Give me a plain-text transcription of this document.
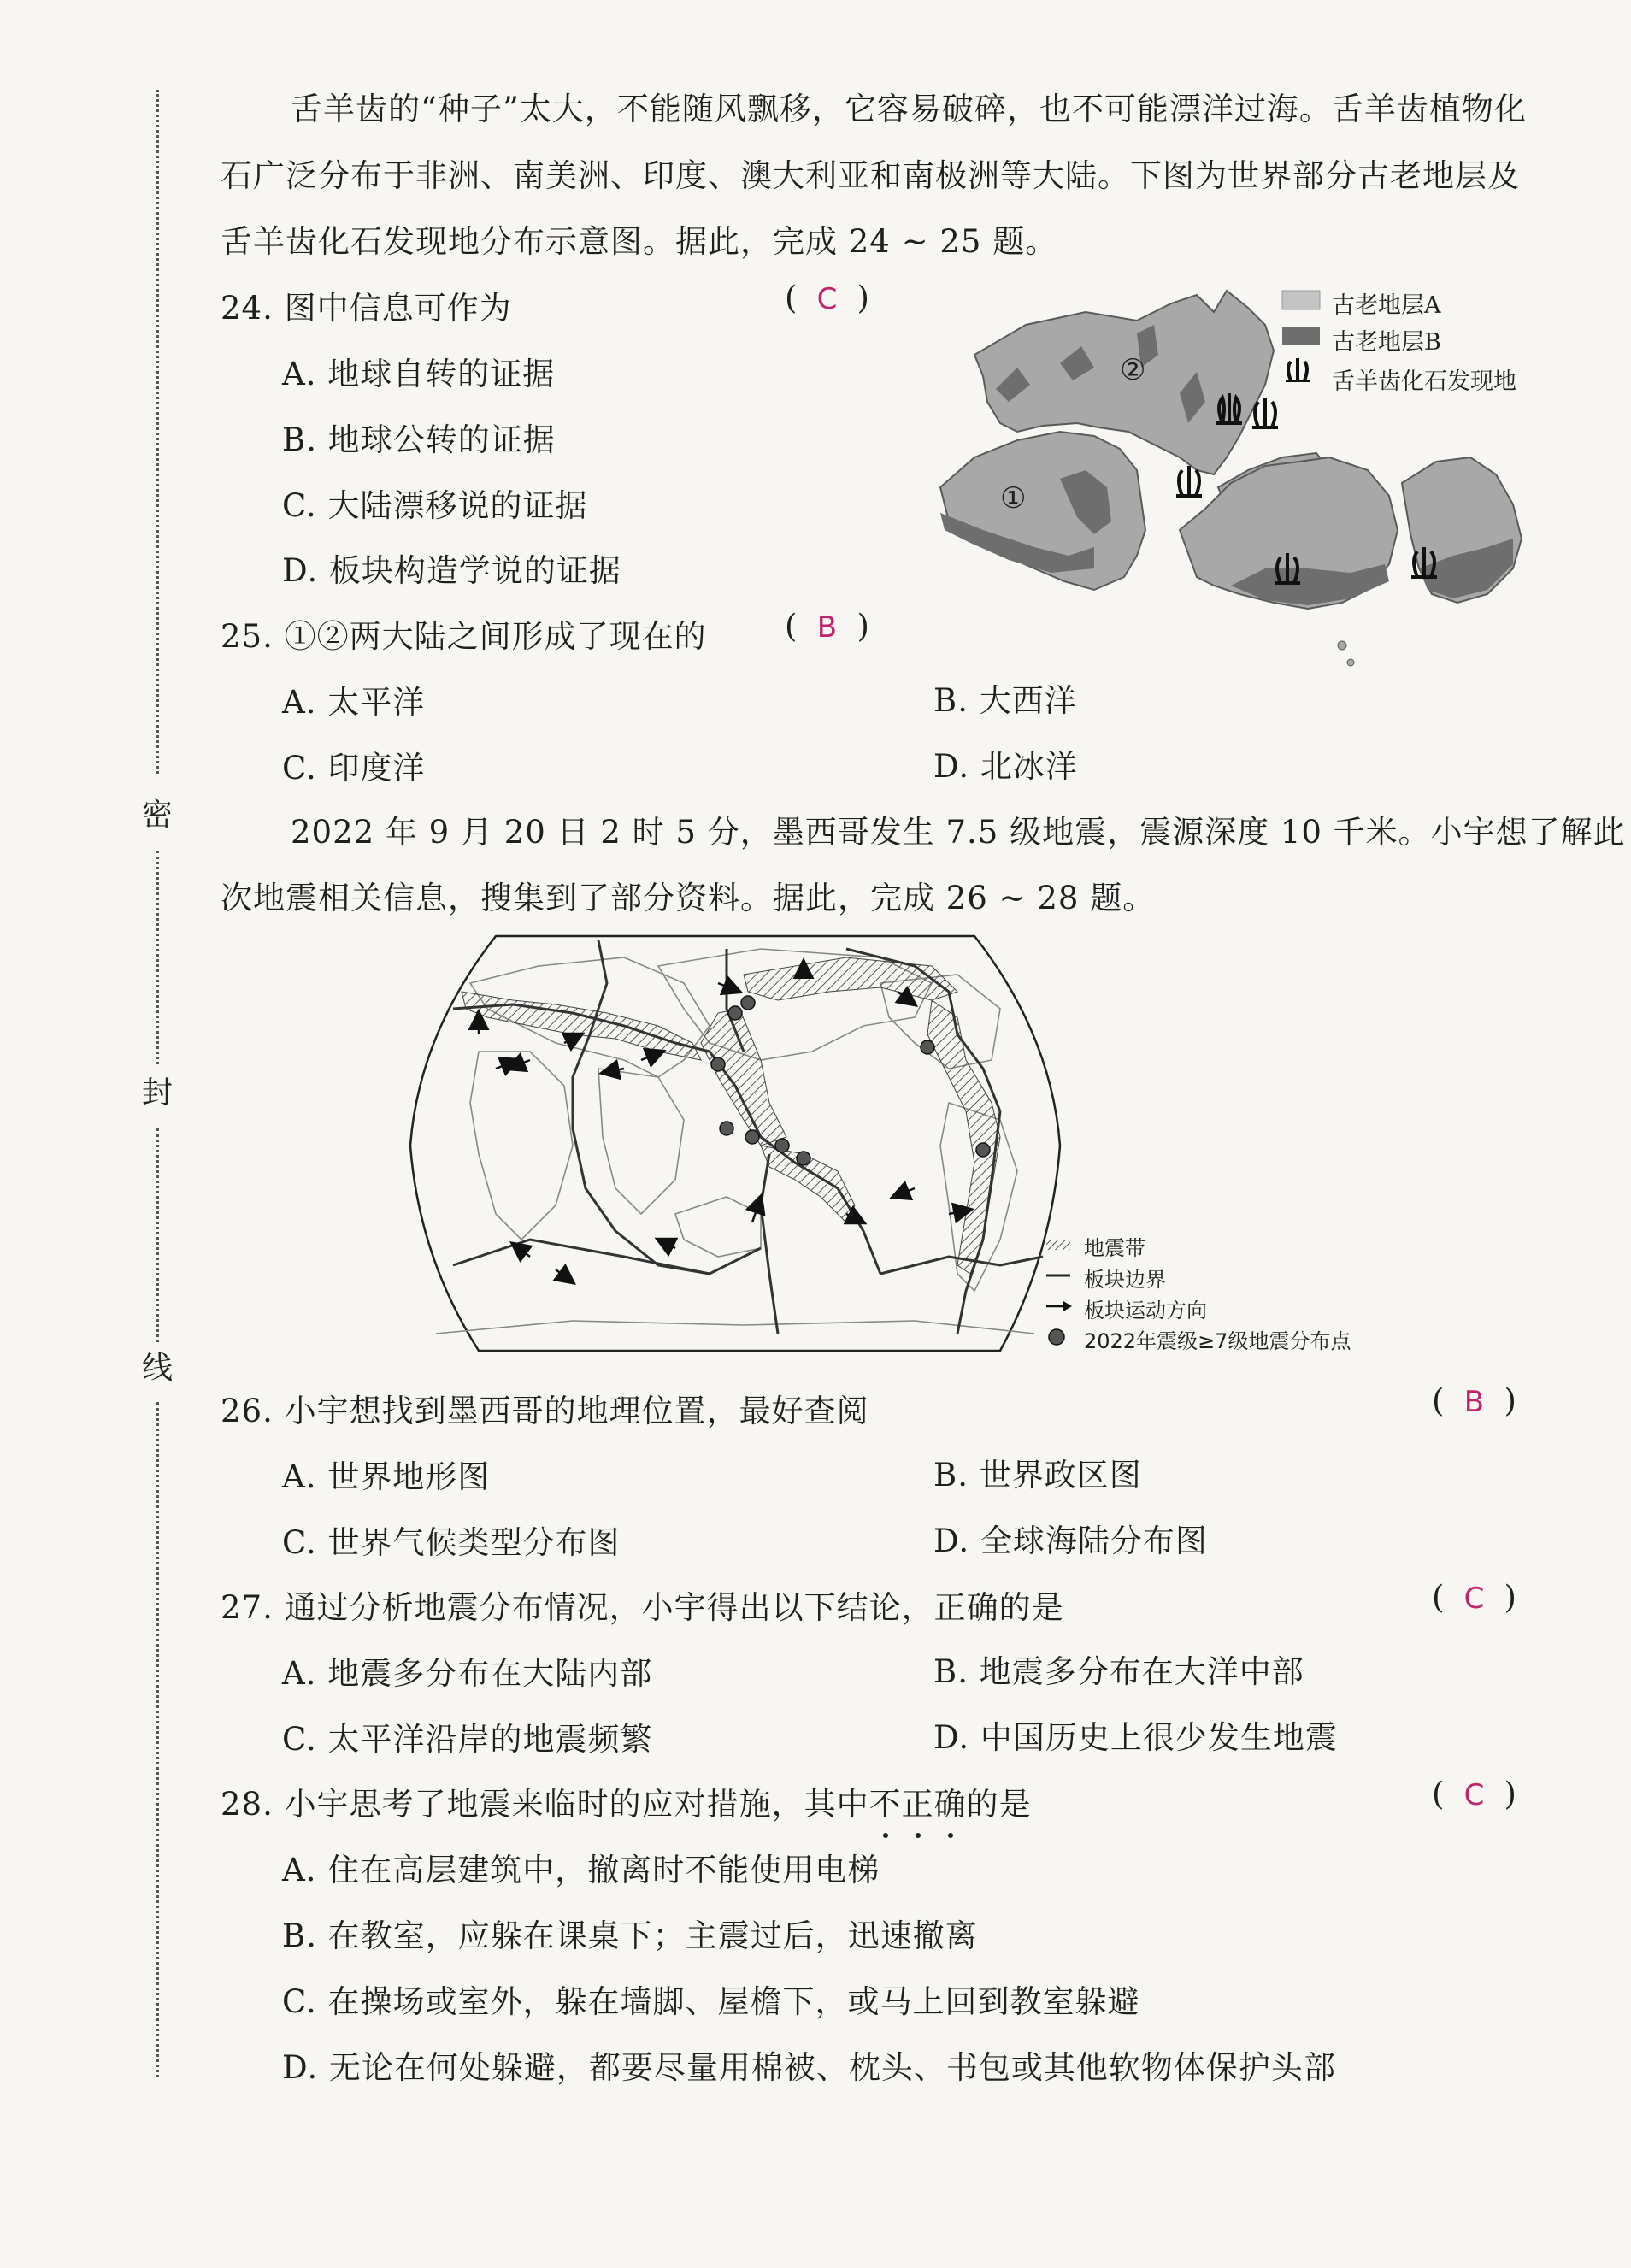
密
封
线
舌羊齿的“种子”太大，不能随风飘移，它容易破碎，也不可能漂洋过海。舌羊齿植物化
石广泛分布于非洲、南美洲、印度、澳大利亚和南极洲等大陆。下图为世界部分古老地层及
舌羊齿化石发现地分布示意图。据此，完成 24 ~ 25 题。
24. 图中信息可作为	( C )
A. 地球自转的证据
B. 地球公转的证据
C. 大陆漂移说的证据
D. 板块构造学说的证据
①
②
古老地层A
古老地层B
舌羊齿化石发现地
25. ①②两大陆之间形成了现在的 ( B )
A. 太平洋	B. 大西洋
C. 印度洋	D. 北冰洋
2022 年 9 月 20 日 2 时 5 分，墨西哥发生 7.5 级地震，震源深度 10 千米。小宇想了解此
次地震相关信息，搜集到了部分资料。据此，完成 26 ~ 28 题。
地震带
板块边界
板块运动方向
2022年震级≥7级地震分布点
26. 小宇想找到墨西哥的地理位置，最好查阅	( B )
A. 世界地形图	B. 世界政区图
C. 世界气候类型分布图	D. 全球海陆分布图
27. 通过分析地震分布情况，小宇得出以下结论，正确的是	( C )
A. 地震多分布在大陆内部	B. 地震多分布在大洋中部
C. 太平洋沿岸的地震频繁	D. 中国历史上很少发生地震
28. 小宇思考了地震来临时的应对措施，其中不正确的是	( C )
A. 住在高层建筑中，撤离时不能使用电梯
B. 在教室，应躲在课桌下；主震过后，迅速撤离
C. 在操场或室外，躲在墙脚、屋檐下，或马上回到教室躲避
D. 无论在何处躲避，都要尽量用棉被、枕头、书包或其他软物体保护头部
